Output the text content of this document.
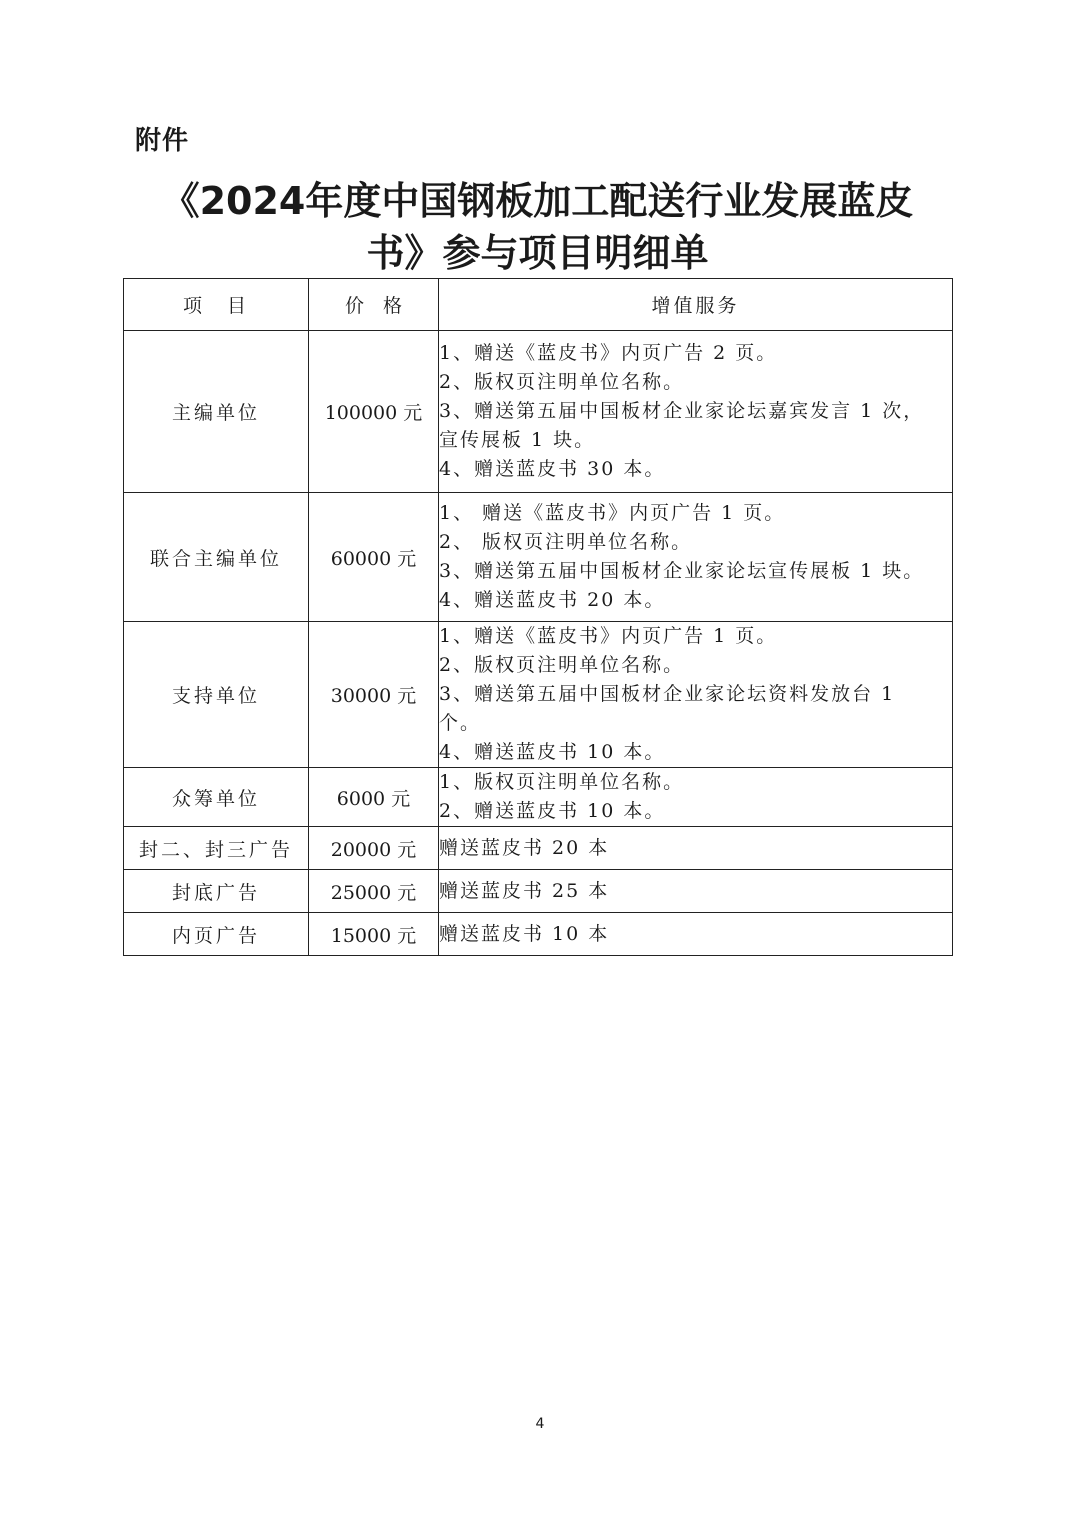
附件
《2024年度中国钢板加工配送行业发展蓝皮
书》参与项目明细单
项　目	价　格	增值服务
主编单位	100000 元	1、赠送《蓝皮书》内页广告 2 页。
2、版权页注明单位名称。
3、赠送第五届中国板材企业家论坛嘉宾发言 1 次，
宣传展板 1 块。
4、赠送蓝皮书 30 本。

联合主编单位	60000 元	1、 赠送《蓝皮书》内页广告 1 页。
2、 版权页注明单位名称。
3、赠送第五届中国板材企业家论坛宣传展板 1 块。
4、赠送蓝皮书 20 本。

支持单位	30000 元	1、赠送《蓝皮书》内页广告 1 页。
2、版权页注明单位名称。
3、赠送第五届中国板材企业家论坛资料发放台 1
个。
4、赠送蓝皮书 10 本。

众筹单位	6000 元	1、版权页注明单位名称。
2、赠送蓝皮书 10 本。

封二、封三广告	20000 元	赠送蓝皮书 20 本

封底广告	25000 元	赠送蓝皮书 25 本

内页广告	15000 元	赠送蓝皮书 10 本
4
